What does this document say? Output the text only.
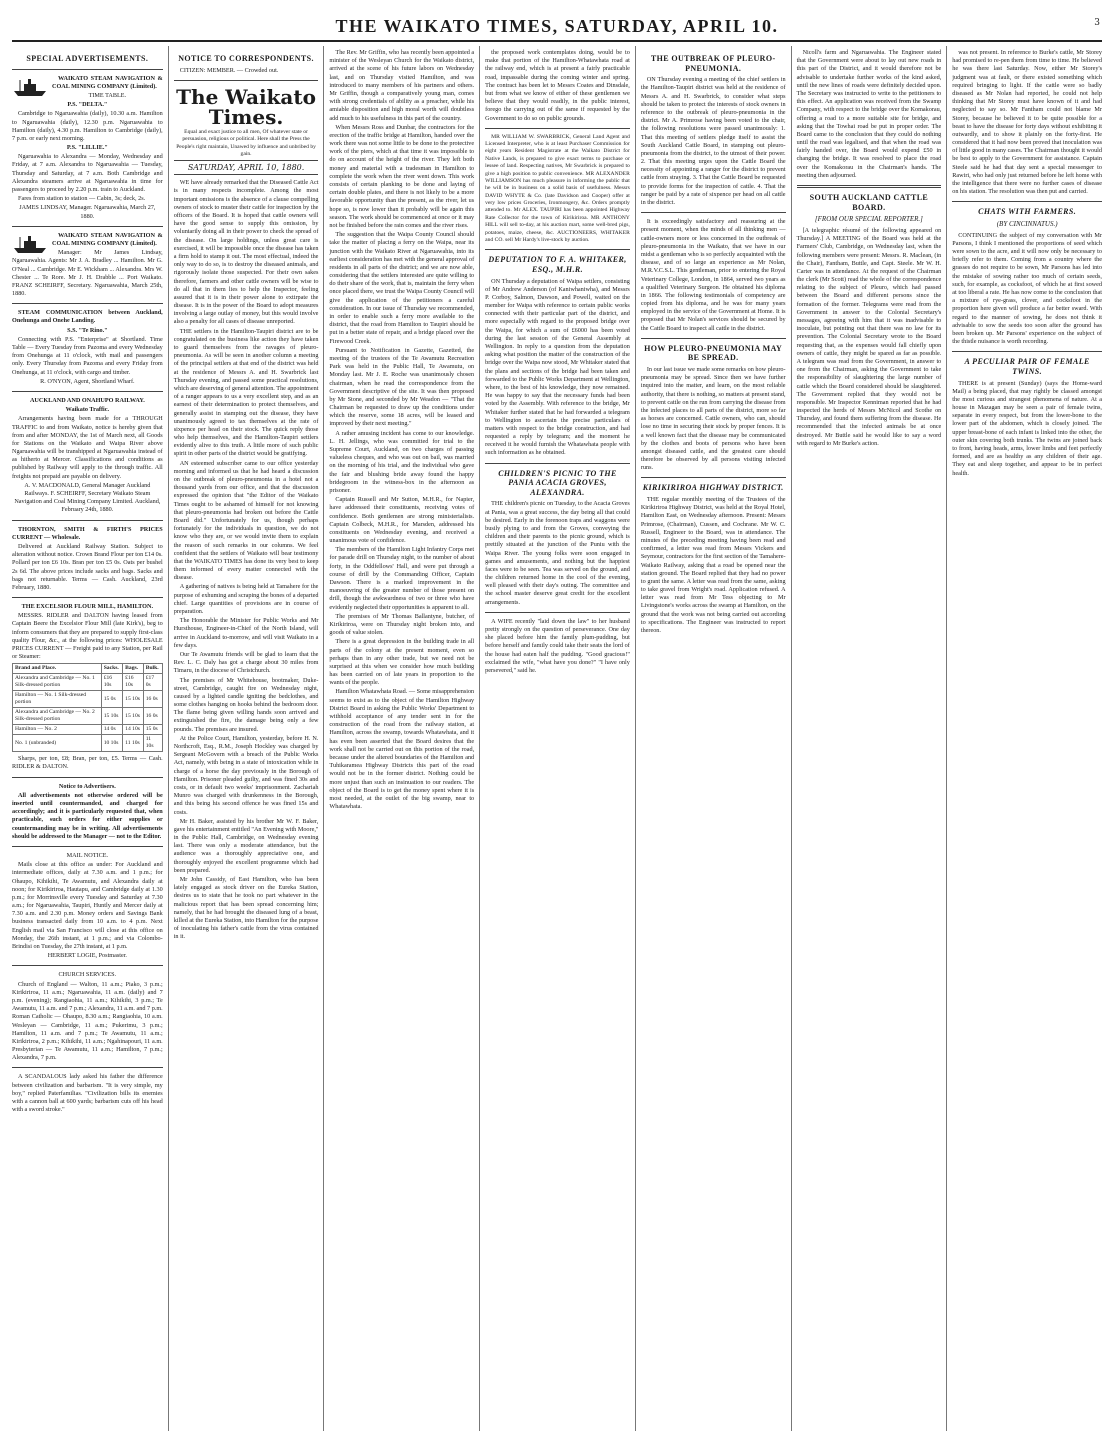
THE WAIKATO TIMES, SATURDAY, APRIL 10.	3
SPECIAL ADVERTISEMENTS.

WAIKATO STEAM NAVIGATION & COAL MINING COMPANY (Limited).

TIME TABLE.

P.S. "DELTA."

Cambridge to Ngaruawahia (daily), 10.30 a.m. Hamilton to Ngaruawahia (daily), 12.30 p.m. Ngaruawahia to Hamilton (daily), 4.30 p.m. Hamilton to Cambridge (daily), 7 p.m. or early next morning.

P.S. "LILLIE."

Ngaruawahia to Alexandra — Monday, Wednesday and Friday, at 7 a.m. Alexandra to Ngaruawahia — Tuesday, Thursday and Saturday, at 7 a.m. Both Cambridge and Alexandra steamers arrive at Ngaruawahia in time for passengers to proceed by 2.20 p.m. train to Auckland.

Fares from station to station — Cabin, 3s; deck, 2s.

JAMES LINDSAY, Manager. Ngaruawahia, March 27, 1880.

WAIKATO STEAM NAVIGATION & COAL MINING COMPANY (Limited).

Manager: Mr James Lindsay, Ngaruawahia. Agents: Mr J. A. Bradley ... Hamilton. Mr G. O'Neal ... Cambridge. Mr E. Wickham ... Alexandra. Mrs W. Chester ... Te Rore. Mr J. H. Drabble ... Port Waikato. FRANZ SCHEIRFF, Secretary. Ngaruawahia, March 25th, 1880.

STEAM COMMUNICATION between Auckland, Onehunga and Onehe Landing.

S.S. "Te Rino."

Connecting with P.S. "Enterprise" at Shortland. Time Table — Every Tuesday from Pazoma and every Wednesday from Onehunga at 11 o'clock, with mail and passengers only. Every Thursday from Pazoma and every Friday from Onehunga, at 11 o'clock, with cargo and timber.

R. O'NYON, Agent, Shortland Wharf.

AUCKLAND AND ONAHUPO RAILWAY.

Waikato Traffic.

Arrangements having been made for a THROUGH TRAFFIC to and from Waikato, notice is hereby given that from and after MONDAY, the 1st of March next, all Goods for Stations on the Waikato and Waipa River above Ngaruawahia will be transhipped at Ngaruawahia instead of as hitherto at Mercer. Classifications and conditions as published by Railway will apply to the through traffic. All freights not prepaid are payable on delivery.

A. V. MACDONALD, General Manager Auckland Railways. F. SCHEIRFF, Secretary Waikato Steam Navigation and Coal Mining Company Limited. Auckland, February 24th, 1880.

THORNTON, SMITH & FIRTH'S PRICES CURRENT — Wholesale.

Delivered at Auckland Railway Station. Subject to alteration without notice. Crown Brand Flour per ton £14 0s. Pollard per ton £6 10s. Bran per ton £5 0s. Oats per bushel 2s 6d. The above prices include sacks and bags. Sacks and bags not returnable. Terms — Cash. Auckland, 23rd February, 1880.

THE EXCELSIOR FLOUR MILL, HAMILTON.

MESSRS. RIDLER and DALTON having leased from Captain Beere the Excelsior Flour Mill (late Kirk's), beg to inform consumers that they are prepared to supply first-class quality Flour, &c., at the following prices: WHOLESALE PRICES CURRENT — Freight paid to any Station, per Rail or Steamer:

Brand and Place.	Sacks.	Bags.	Bulk.
Alexandra and Cambridge — No. 1 Silk-dressed portion	£16 10s	£16 10s	£17 0s
Hamilton — No. 1 Silk-dressed portion	15 0s	15 10s	16 0s
Alexandra and Cambridge — No. 2 Silk-dressed portion	15 10s	15 10s	16 0s
Hamilton — No. 2	14 0s	14 10s	15 0s
No. 1 (unbranded)	10 10s	11 10s	11 10s

Sharps, per ton, £8; Bran, per ton, £5. Terms — Cash. RIDLER & DALTON.

Notice to Advertisers.

All advertisements not otherwise ordered will be inserted until countermanded, and charged for accordingly; and it is particularly requested that, when practicable, such orders for either supplies or countermanding may be in writing. All advertisements should be addressed to the Manager — not to the Editor.

MAIL NOTICE.

Mails close at this office as under: For Auckland and intermediate offices, daily at 7.30 a.m. and 1 p.m.; for Ohaupo, Kihikihi, Te Awamutu, and Alexandra daily at noon; for Kirikiriroa, Hautapu, and Cambridge daily at 1.30 p.m.; for Morrinsville every Tuesday and Saturday at 7.30 a.m.; for Ngaruawahia, Taupiri, Huntly and Mercer daily at 7.30 a.m. and 2.30 p.m. Money orders and Savings Bank business transacted daily from 10 a.m. to 4 p.m. Next English mail via San Francisco will close at this office on Monday, the 26th instant, at 1 p.m.; and via Colombo-Brindisi on Tuesday, the 27th instant, at 1 p.m.

HERBERT LOGIE, Postmaster.

CHURCH SERVICES.

Church of England — Walton, 11 a.m.; Piako, 3 p.m.; Kirikiriroa, 11 a.m.; Ngaruawahia, 11 a.m. (daily) and 7 p.m. (evening); Rangiaohia, 11 a.m.; Kihikihi, 3 p.m.; Te Awamutu, 11 a.m. and 7 p.m.; Alexandra, 11 a.m. and 7 p.m. Roman Catholic — Ohaupo, 8.30 a.m.; Rangiaohia, 10 a.m. Wesleyan — Cambridge, 11 a.m.; Pukerimu, 3 p.m.; Hamilton, 11 a.m. and 7 p.m.; Te Awamutu, 11 a.m.; Kirikiriroa, 2 p.m.; Kihikihi, 11 a.m.; Ngahinapouri, 11 a.m. Presbyterian — Te Awamutu, 11 a.m.; Hamilton, 7 p.m.; Alexandra, 7 p.m.

A SCANDALOUS lady asked his father the difference between civilization and barbarism. "It is very simple, my boy," replied Paterfamilias. "Civilization bills its enemies with a cannon ball at 600 yards; barbarism cuts off his head with a sword stroke."

NOTICE TO CORRESPONDENTS.

CITIZEN: MEMBER. — Crowded out.

The Waikato Times.

Equal and exact justice to all men, Of whatever state or persuasion, religious or political. Here shall the Press the People's right maintain, Unawed by influence and unbribed by gain.

SATURDAY, APRIL 10, 1880.

WE have already remarked that the Diseased Cattle Act is in many respects incomplete. Among the most important omissions is the absence of a clause compelling owners of stock to muster their cattle for inspection by the officers of the Board. It is hoped that cattle owners will have the good sense to supply this omission, by voluntarily doing all in their power to check the spread of the disease. On large holdings, unless great care is exercised, it will be impossible once the disease has taken a firm hold to stamp it out. The most effectual, indeed the only way to do so, is to destroy the diseased animals, and rigorously isolate those suspected. For their own sakes therefore, farmers and other cattle owners will be wise to do all that in them lies to help the Inspector, feeling assured that it is in their power alone to extirpate the disease. It is in the power of the Board to adopt measures involving a large outlay of money, but this would involve also a penalty for all cases of disease unreported.

THE settlers in the Hamilton-Taupiri district are to be congratulated on the business like action they have taken to guard themselves from the ravages of pleuro-pneumonia. As will be seen in another column a meeting of the principal settlers at that end of the district was held at the residence of Messrs A. and H. Swarbrick last Thursday evening, and passed some practical resolutions, which are deserving of general attention. The appointment of a ranger appears to us a very excellent step, and as an earnest of their determination to protect themselves, and generally assist in stamping out the disease, they have unanimously agreed to tax themselves at the rate of sixpence per head on their stock. The quick reply those who help themselves, and the Hamilton-Taupiri settlers evidently alive to this truth. A little more of such public spirit in other parts of the district would be gratifying.

AN esteemed subscriber came to our office yesterday morning and informed us that he had heard a discussion on the outbreak of pleuro-pneumonia in a hotel not a thousand yards from our office, and that the discussion expressed the opinion that "the Editor of the Waikato Times ought to be ashamed of himself for not knowing that pleuro-pneumonia had broken out before the Cattle Board did." Unfortunately for us, though perhaps fortunately for the individuals in question, we do not know who they are, or we would invite them to explain the reason of such remarks in our columns. We feel confident that the settlers of Waikato will bear testimony that the WAIKATO TIMES has done its very best to keep them informed of every matter connected with the disease.

A gathering of natives is being held at Tamahere for the purpose of exhuming and scraping the bones of a departed chief. Large quantities of provisions are in course of preparation.

The Honorable the Minister for Public Works and Mr Hursthouse, Engineer-in-Chief of the North Island, will arrive in Auckland to-morrow, and will visit Waikato in a few days.

Our Te Awamutu friends will be glad to learn that the Rev. L. C. Daly has got a charge about 30 miles from Timaru, in the diocese of Christchurch.

The premises of Mr Whitehouse, bootmaker, Duke-street, Cambridge, caught fire on Wednesday night, caused by a lighted candle igniting the bedclothes, and some clothes hanging on hooks behind the bedroom door. The flame being given willing hands soon arrived and extinguished the fire, the damage being only a few pounds. The premises are insured.

At the Police Court, Hamilton, yesterday, before H. N. Northcroft, Esq., R.M., Joseph Hockley was charged by Sergeant McGovern with a breach of the Public Works Act, namely, with being in a state of intoxication while in charge of a horse the day previously in the Borough of Hamilton. Prisoner pleaded guilty, and was fined 30s and costs, or in default two weeks' imprisonment. Zachariah Munro was charged with drunkenness in the Borough, and this being his second offence he was fined 15s and costs.

Mr H. Baker, assisted by his brother Mr W. F. Baker, gave his entertainment entitled "An Evening with Moore," in the Public Hall, Cambridge, on Wednesday evening last. There was only a moderate attendance, but the audience was a thoroughly appreciative one, and thoroughly enjoyed the excellent programme which had been prepared.

Mr John Cassidy, of East Hamilton, who has been lately engaged as stock driver on the Eureka Station, desires us to state that he took no part whatever in the malicious report that has been spread concerning him; namely, that he had brought the diseased lung of a beast, killed at the Eureka Station, into Hamilton for the purpose of inoculating his father's cattle from the virus contained in it.

The Rev. Mr Griffin, who has recently been appointed a minister of the Wesleyan Church for the Waikato district, arrived at the scene of his future labors on Wednesday last, and on Thursday visited Hamilton, and was introduced to many members of his partners and others. Mr Griffin, though a comparatively young man, comes with strong credentials of ability as a preacher, while his amiable disposition and high moral worth will doubtless add much to his usefulness in this part of the country.

When Messrs Ross and Dunbar, the contractors for the erection of the traffic bridge at Hamilton, handed over the work there was not some little to be done to the protective work of the piers, which at that time it was impossible to do on account of the height of the river. They left both money and material with a tradesman in Hamilton to complete the work when the river went down. This work consists of certain planking to be done and laying of certain double plates, and there is not likely to be a more favorable opportunity than the present, as the river, let us hope so, is now lower than it probably will be again this season. The work should be commenced at once or it may not be finished before the rain comes and the river rises.

The suggestion that the Waipa County Council should take the matter of placing a ferry on the Waipa, near its junction with the Waikato River at Ngaruawahia, into its earliest consideration has met with the general approval of residents in all parts of the district; and we are now able, considering that the settlers interested are quite willing to do their share of the work, that is, maintain the ferry when once placed there, we trust the Waipa County Council will give the application of the petitioners a careful consideration. In our issue of Thursday we recommended, in order to enable such a ferry more available to the district, that the road from Hamilton to Taupiri should be put in a better state of repair, and a bridge placed over the Firewood Creek.

Pursuant to Notification in Gazette, Gazetted, the meeting of the trustees of the Te Awamutu Recreation Park was held in the Public Hall, Te Awamutu, on Monday last. Mr J. E. Roche was unanimously chosen chairman, when he read the correspondence from the Government descriptive of the site. It was then proposed by Mr Stone, and seconded by Mr Weadon — "That the Chairman be requested to draw up the conditions under which the reserve, some 18 acres, will be leased and improved by their next meeting."

A rather amusing incident has come to our knowledge. L. H. Jellings, who was committed for trial to the Supreme Court, Auckland, on two charges of passing valueless cheques, and who was out on bail, was married on the morning of his trial, and the individual who gave the fair and blushing bride away found the happy bridegroom in the witness-box in the afternoon as prisoner.

Captain Russell and Mr Sutton, M.H.R., for Napier, have addressed their constituents, receiving votes of confidence. Both gentlemen are strong ministerialists. Captain Colbeck, M.H.R., for Marsden, addressed his constituents on Wednesday evening, and received a unanimous vote of confidence.

The members of the Hamilton Light Infantry Corps met for parade drill on Thursday night, to the number of about forty, in the Oddfellows' Hall, and were put through a course of drill by the Commanding Officer, Captain Dawson. There is a marked improvement in the manoeuvring of the greater number of those present on drill, though the awkwardness of two or three who have evidently neglected their opportunities is apparent to all.

The premises of Mr Thomas Ballantyne, butcher, of Kirikiriroa, were on Thursday night broken into, and goods of value stolen.

There is a great depression in the building trade in all parts of the colony at the present moment, even so perhaps than in any other trade, but we need not be surprised at this when we consider how much building has been carried on of late years in proportion to the wants of the people.

Hamilton Whatawhata Road. — Some misapprehension seems to exist as to the object of the Hamilton Highway District Board in asking the Public Works' Department to withhold acceptance of any tender sent in for the construction of the road from the railway station, at Hamilton, across the swamp, towards Whatawhata, and it has even been asserted that the Board desires that the work shall not be carried out on this portion of the road, because under the altered boundaries of the Hamilton and Tuhikaramea Highway Districts this part of the road would not be in the former district. Nothing could be more unjust than such an insinuation to our readers. The object of the Board is to get the money spent where it is most needed, at the outlet of the big swamp, near to Whatawhata.

the proposed work contemplates doing, would be to make that portion of the Hamilton-Whatawhata road at the railway end, which is at present a fairly practicable road, impassable during the coming winter and spring. The contract has been let to Messrs Coates and Dinsdale, but from what we know of either of these gentlemen we believe that they would readily, in the public interest, forego the carrying out of the same if requested by the Government to do so on public grounds.

MR WILLIAM W. SWARBRICK, General Land Agent and Licensed Interpreter, who is at least Purchaser Commission for eight years Resident Magistrate at the Waikato District for Native Lands, is prepared to give exact terms to purchase or lessee of land. Respecting natives, Mr Swarbrick is prepared to give a high position to public convenience. MR ALEXANDER WILLIAMSON has much pleasure in informing the public that he will be in business on a solid basis of usefulness. Messrs DAVID WHYTE & Co. (late Davidson and Cooper) offer at very low prices Groceries, Ironmongery, &c. Orders promptly attended to. Mr ALEX. TAUPIRI has been appointed Highway Rate Collector for the town of Kirikiriroa. MR ANTHONY HILL will sell to-day, at his auction mart, some well-bred pigs, potatoes, maize, cheese, &c. AUCTIONEERS, WHITAKER and CO. sell Mr Hardy's live-stock by auction.

DEPUTATION TO F. A. WHITAKER, ESQ., M.H.R.

ON Thursday a deputation of Waipa settlers, consisting of Mr Andrew Anderson (of Kaniwhaniwha), and Messrs P. Corboy, Salmon, Dawson, and Powell, waited on the member for Waipa with reference to certain public works connected with their particular part of the district, and more especially with regard to the proposed bridge over the Waipa, for which a sum of £6000 has been voted during the last session of the General Assembly at Wellington. In reply to a question from the deputation asking what position the matter of the construction of the bridge over the Waipa now stood, Mr Whitaker stated that the plans and sections of the bridge had been taken and forwarded to the Public Works Department at Wellington, where, to the best of his knowledge, they now remained. He was happy to say that the necessary funds had been voted by the Assembly. With reference to the bridge, Mr Whitaker further stated that he had forwarded a telegram to Wellington to ascertain the precise particulars of matters with respect to the bridge construction, and had requested a reply by telegram; and the moment he received it he would furnish the Whatawhata people with such information as he obtained.

CHILDREN'S PICNIC TO THE PANIA ACACIA GROVES, ALEXANDRA.

THE children's picnic on Tuesday, to the Acacia Groves at Pania, was a great success, the day being all that could be desired. Early in the forenoon traps and waggons were busily plying to and from the Groves, conveying the children and their parents to the picnic ground, which is prettily situated at the junction of the Puniu with the Waipa River. The young folks were soon engaged in games and amusements, and nothing but the happiest faces were to be seen. Tea was served on the ground, and the children returned home in the cool of the evening, well pleased with their day's outing. The committee and the school master deserve great credit for the excellent arrangements.

A WIFE recently "laid down the law" to her husband pretty strongly on the question of perseverance. One day she placed before him the family plum-pudding, but before herself and family could take their seats the lord of the house had eaten half the pudding. "Good gracious!" exclaimed the wife, "what have you done?" "I have only persevered," said he.

THE OUTBREAK OF PLEURO-PNEUMONIA.

ON Thursday evening a meeting of the chief settlers in the Hamilton-Taupiri district was held at the residence of Messrs A. and H. Swarbrick, to consider what steps should be taken to protect the interests of stock owners in reference to the outbreak of pleuro-pneumonia in the district. Mr A. Primrose having been voted to the chair, the following resolutions were passed unanimously: 1. That this meeting of settlers pledge itself to assist the South Auckland Cattle Board, in stamping out pleuro-pneumonia from the district, to the utmost of their power. 2. That this meeting urges upon the Cattle Board the necessity of appointing a ranger for the district to prevent cattle from straying. 3. That the Cattle Board be requested to provide forms for the inspection of cattle. 4. That the ranger be paid by a rate of sixpence per head on all cattle in the district.

It is exceedingly satisfactory and reassuring at the present moment, when the minds of all thinking men — cattle-owners more or less concerned in the outbreak of pleuro-pneumonia in the Waikato, that we have in our midst a gentleman who is so perfectly acquainted with the disease, and of so large an experience as Mr Nolan, M.R.V.C.S.L. This gentleman, prior to entering the Royal Veterinary College, London, in 1864, served two years as a qualified Veterinary Surgeon. He obtained his diploma in 1866. The following testimonials of competency are copied from his diploma, and he was for many years employed in the service of the Government at Home. It is proposed that Mr Nolan's services should be secured by the Cattle Board to inspect all cattle in the district.

HOW PLEURO-PNEUMONIA MAY BE SPREAD.

In our last issue we made some remarks on how pleuro-pneumonia may be spread. Since then we have further inquired into the matter, and learn, on the most reliable authority, that there is nothing, so matters at present stand, to prevent cattle on the run from carrying the disease from the infected places to all parts of the district, more so far as horses are concerned. Cattle owners, who can, should lose no time in securing their stock by proper fences. It is a well known fact that the disease may be communicated by the clothes and boots of persons who have been amongst diseased cattle, and the greatest care should therefore be observed by all persons visiting infected runs.

KIRIKIRIROA HIGHWAY DISTRICT.

THE regular monthly meeting of the Trustees of the Kirikiriroa Highway District, was held at the Royal Hotel, Hamilton East, on Wednesday afternoon. Present: Messrs Primrose, (Chairman), Cussen, and Cochrane. Mr W. C. Russell, Engineer to the Board, was in attendance. The minutes of the preceding meeting having been read and confirmed, a letter was read from Messrs Vickers and Seymour, contractors for the first section of the Tamahere-Waikato Railway, asking that a road be opened near the station ground. The Board replied that they had no power to grant the same. A letter was read from the same, asking to take gravel from Wright's road. Application refused. A letter was read from Mr Tess objecting to Mr Livingstone's works across the swamp at Hamilton, on the ground that the work was not being carried out according to specifications. The Engineer was instructed to report thereon.

Nicoll's farm and Ngaruawahia. The Engineer stated that the Government were about to lay out new roads in this part of the District, and it would therefore not be advisable to undertake further works of the kind asked, until the new lines of roads were definitely decided upon. The Secretary was instructed to write to the petitioners to this effect. An application was received from the Swamp Company, with respect to the bridge over the Komakorau, offering a road to a more suitable site for bridge, and asking that the Towhai road be put in proper order. The Board came to the conclusion that they could do nothing until the road was legalised, and that when the road was fairly handed over, the Board would expend £50 in changing the bridge. It was resolved to place the road over the Komakorau in the Chairman's hands. The meeting then adjourned.

SOUTH AUCKLAND CATTLE BOARD.
[FROM OUR SPECIAL REPORTER.]

[A telegraphic résumé of the following appeared on Thursday.] A MEETING of the Board was held at the Farmers' Club, Cambridge, on Wednesday last, when the following members were present: Messrs. R. Maclean, (in the Chair), Fantham, Buttle, and Capt. Steele. Mr W. H. Carter was in attendance. At the request of the Chairman the clerk (Mr Scott) read the whole of the correspondence relating to the subject of Pleuro, which had passed between the Board and different persons since the formation of the former. Telegrams were read from the Government in answer to the Colonial Secretary's messages, agreeing with him that it was inadvisable to inoculate, but pointing out that there was no law for its prevention. The Colonial Secretary wrote to the Board requesting that, as the expenses would fall chiefly upon owners of cattle, they might be spared as far as possible. A telegram was read from the Government, in answer to one from the Chairman, asking the Government to take the responsibility of slaughtering the large number of cattle which the Board considered should be slaughtered. The Government replied that they would not be responsible. Mr Inspector Kenniman reported that he had inspected the herds of Messrs McNicol and Scothe on Thursday, and found them suffering from the disease. He recommended that the infected animals be at once destroyed. Mr Buttle said he would like to say a word with regard to Mr Burke's action.

was not present. In reference to Burke's cattle, Mr Storey had promised to re-pen them from time to time. He believed he was there last Saturday. Now, either Mr Storey's judgment was at fault, or there existed something which required bringing to light. If the cattle were so badly diseased as Mr Nolan had reported, he could not help thinking that Mr Storey must have known of it and had neglected to say so. Mr Fantham could not blame Mr Storey, because he believed it to be quite possible for a beast to have the disease for forty days without exhibiting it outwardly, and to show it plainly on the forty-first. He considered that it had now been proved that inoculation was of little good in many cases. The Chairman thought it would be best to apply to the Government for assistance. Captain Steele said he had that day sent a special messenger to Rawiri, who had only just returned before he left home with the intelligence that there were no further cases of disease on his station. The resolution was then put and carried.

CHATS WITH FARMERS.
(BY CINCINNATUS.)

CONTINUING the subject of my conversation with Mr Parsons, I think I mentioned the proportions of seed which were sown to the acre, and it will now only be necessary to briefly refer to them. Coming from a country where the grasses do not require to be sown, Mr Parsons has led into the mistake of sowing rather too much of certain seeds, such, for example, as cocksfoot, of which he at first sowed at too liberal a rate. He has now come to the conclusion that a mixture of rye-grass, clover, and cocksfoot in the proportion here given will produce a far better sward. With regard to the manner of sowing, he does not think it advisable to sow the seeds too soon after the ground has been broken up. Mr Parsons' experience on the subject of the thistle nuisance is worth recording.

A PECULIAR PAIR OF FEMALE TWINS.

THERE is at present (Sunday) (says the Home-ward Mail) a being placed, that may rightly be classed amongst the most curious and strangest phenomena of nature. At a house in Mazagan may be seen a pair of female twins, separate in every respect, but from the lower-bone to the lower part of the abdomen, which is closely joined. The upper breast-bone of each infant is linked into the other, the outer skin covering both trunks. The twins are joined back to front, having heads, arms, lower limbs and feet perfectly formed, and are as healthy as any children of their age. They eat and sleep together, and appear to be in perfect health.
